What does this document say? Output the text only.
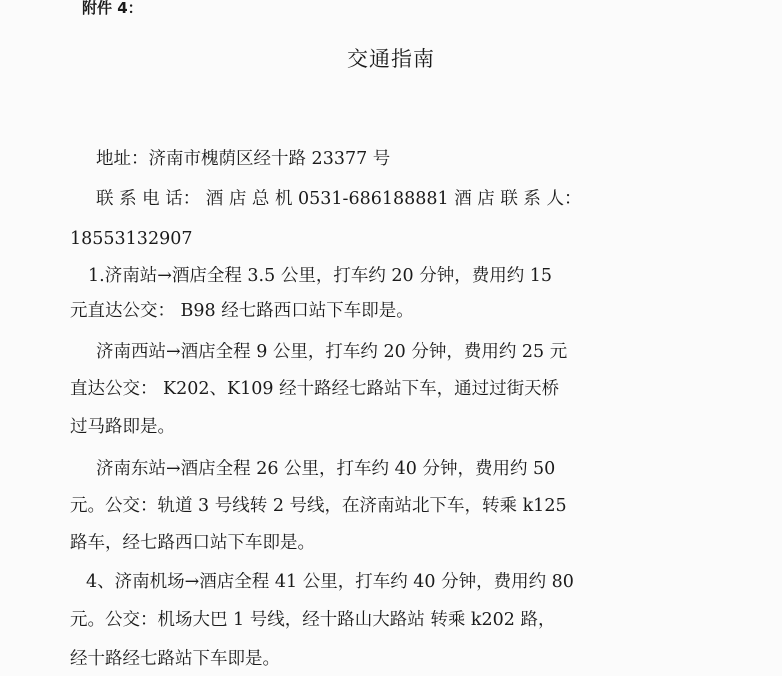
附件 4：
交通指南
地址：济南市槐荫区经十路 23377 号
联 系 电 话： 酒 店 总 机 0531-686188881 酒 店 联 系 人：
18553132907
1.济南站→酒店全程 3.5 公里，打车约 20 分钟，费用约 15
元直达公交： B98 经七路西口站下车即是。
济南西站→酒店全程 9 公里，打车约 20 分钟，费用约 25 元
直达公交： K202、K109 经十路经七路站下车，通过过街天桥
过马路即是。
济南东站→酒店全程 26 公里，打车约 40 分钟，费用约 50
元。公交：轨道 3 号线转 2 号线，在济南站北下车，转乘 k125
路车，经七路西口站下车即是。
4、济南机场→酒店全程 41 公里，打车约 40 分钟，费用约 80
元。公交：机场大巴 1 号线，经十路山大路站 转乘 k202 路，
经十路经七路站下车即是。
